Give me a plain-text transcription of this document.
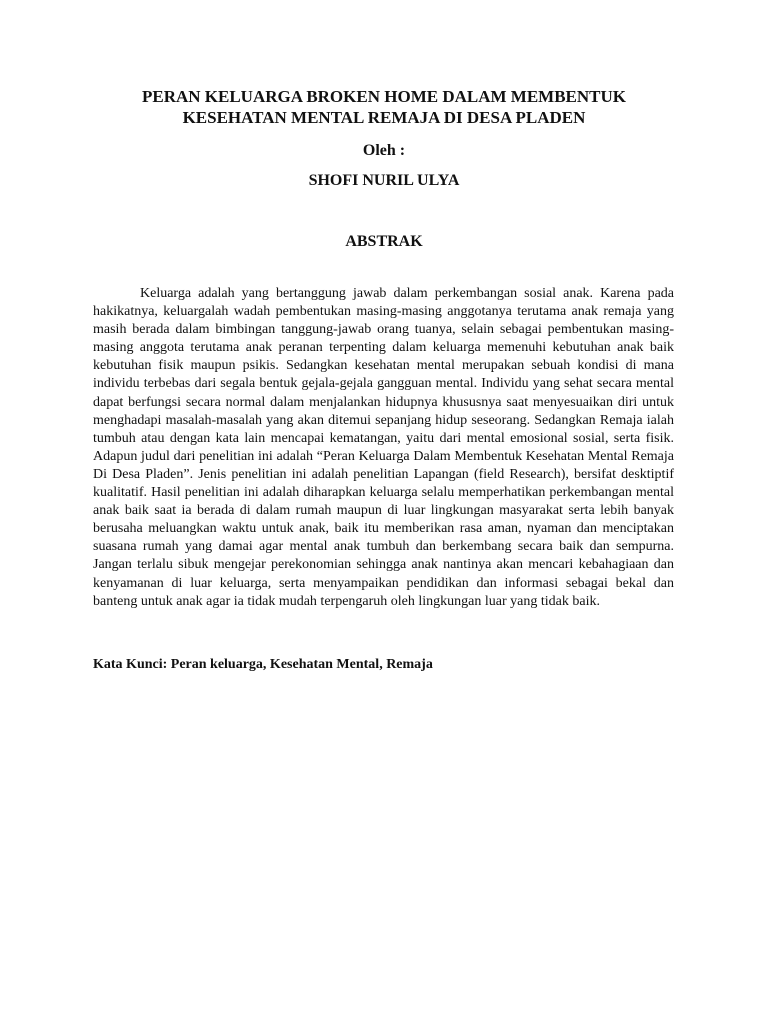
PERAN KELUARGA BROKEN HOME DALAM MEMBENTUK KESEHATAN MENTAL REMAJA DI DESA PLADEN

Oleh :

SHOFI NURIL ULYA

ABSTRAK

Keluarga adalah yang bertanggung jawab dalam perkembangan sosial anak. Karena pada hakikatnya, keluargalah wadah pembentukan masing-masing anggotanya terutama anak remaja yang masih berada dalam bimbingan tanggung-jawab orang tuanya, selain sebagai pembentukan masing-masing anggota terutama anak peranan terpenting dalam keluarga memenuhi kebutuhan anak baik kebutuhan fisik maupun psikis. Sedangkan kesehatan mental merupakan sebuah kondisi di mana individu terbebas dari segala bentuk gejala-gejala gangguan mental. Individu yang sehat secara mental dapat berfungsi secara normal dalam menjalankan hidupnya khususnya saat menyesuaikan diri untuk menghadapi masalah-masalah yang akan ditemui sepanjang hidup seseorang. Sedangkan Remaja ialah tumbuh atau dengan kata lain mencapai kematangan, yaitu dari mental emosional sosial, serta fisik. Adapun judul dari penelitian ini adalah “Peran Keluarga Dalam Membentuk Kesehatan Mental Remaja Di Desa Pladen”. Jenis penelitian ini adalah penelitian Lapangan (field Research), bersifat desktiptif kualitatif. Hasil penelitian ini adalah diharapkan keluarga selalu memperhatikan perkembangan mental anak baik saat ia berada di dalam rumah maupun di luar lingkungan masyarakat serta lebih banyak berusaha meluangkan waktu untuk anak, baik itu memberikan rasa aman, nyaman dan menciptakan suasana rumah yang damai agar mental anak tumbuh dan berkembang secara baik dan sempurna. Jangan terlalu sibuk mengejar perekonomian sehingga anak nantinya akan mencari kebahagiaan dan kenyamanan di luar keluarga, serta menyampaikan pendidikan dan informasi sebagai bekal dan banteng untuk anak agar ia tidak mudah terpengaruh oleh lingkungan luar yang tidak baik.

Kata Kunci: Peran keluarga, Kesehatan Mental, Remaja
